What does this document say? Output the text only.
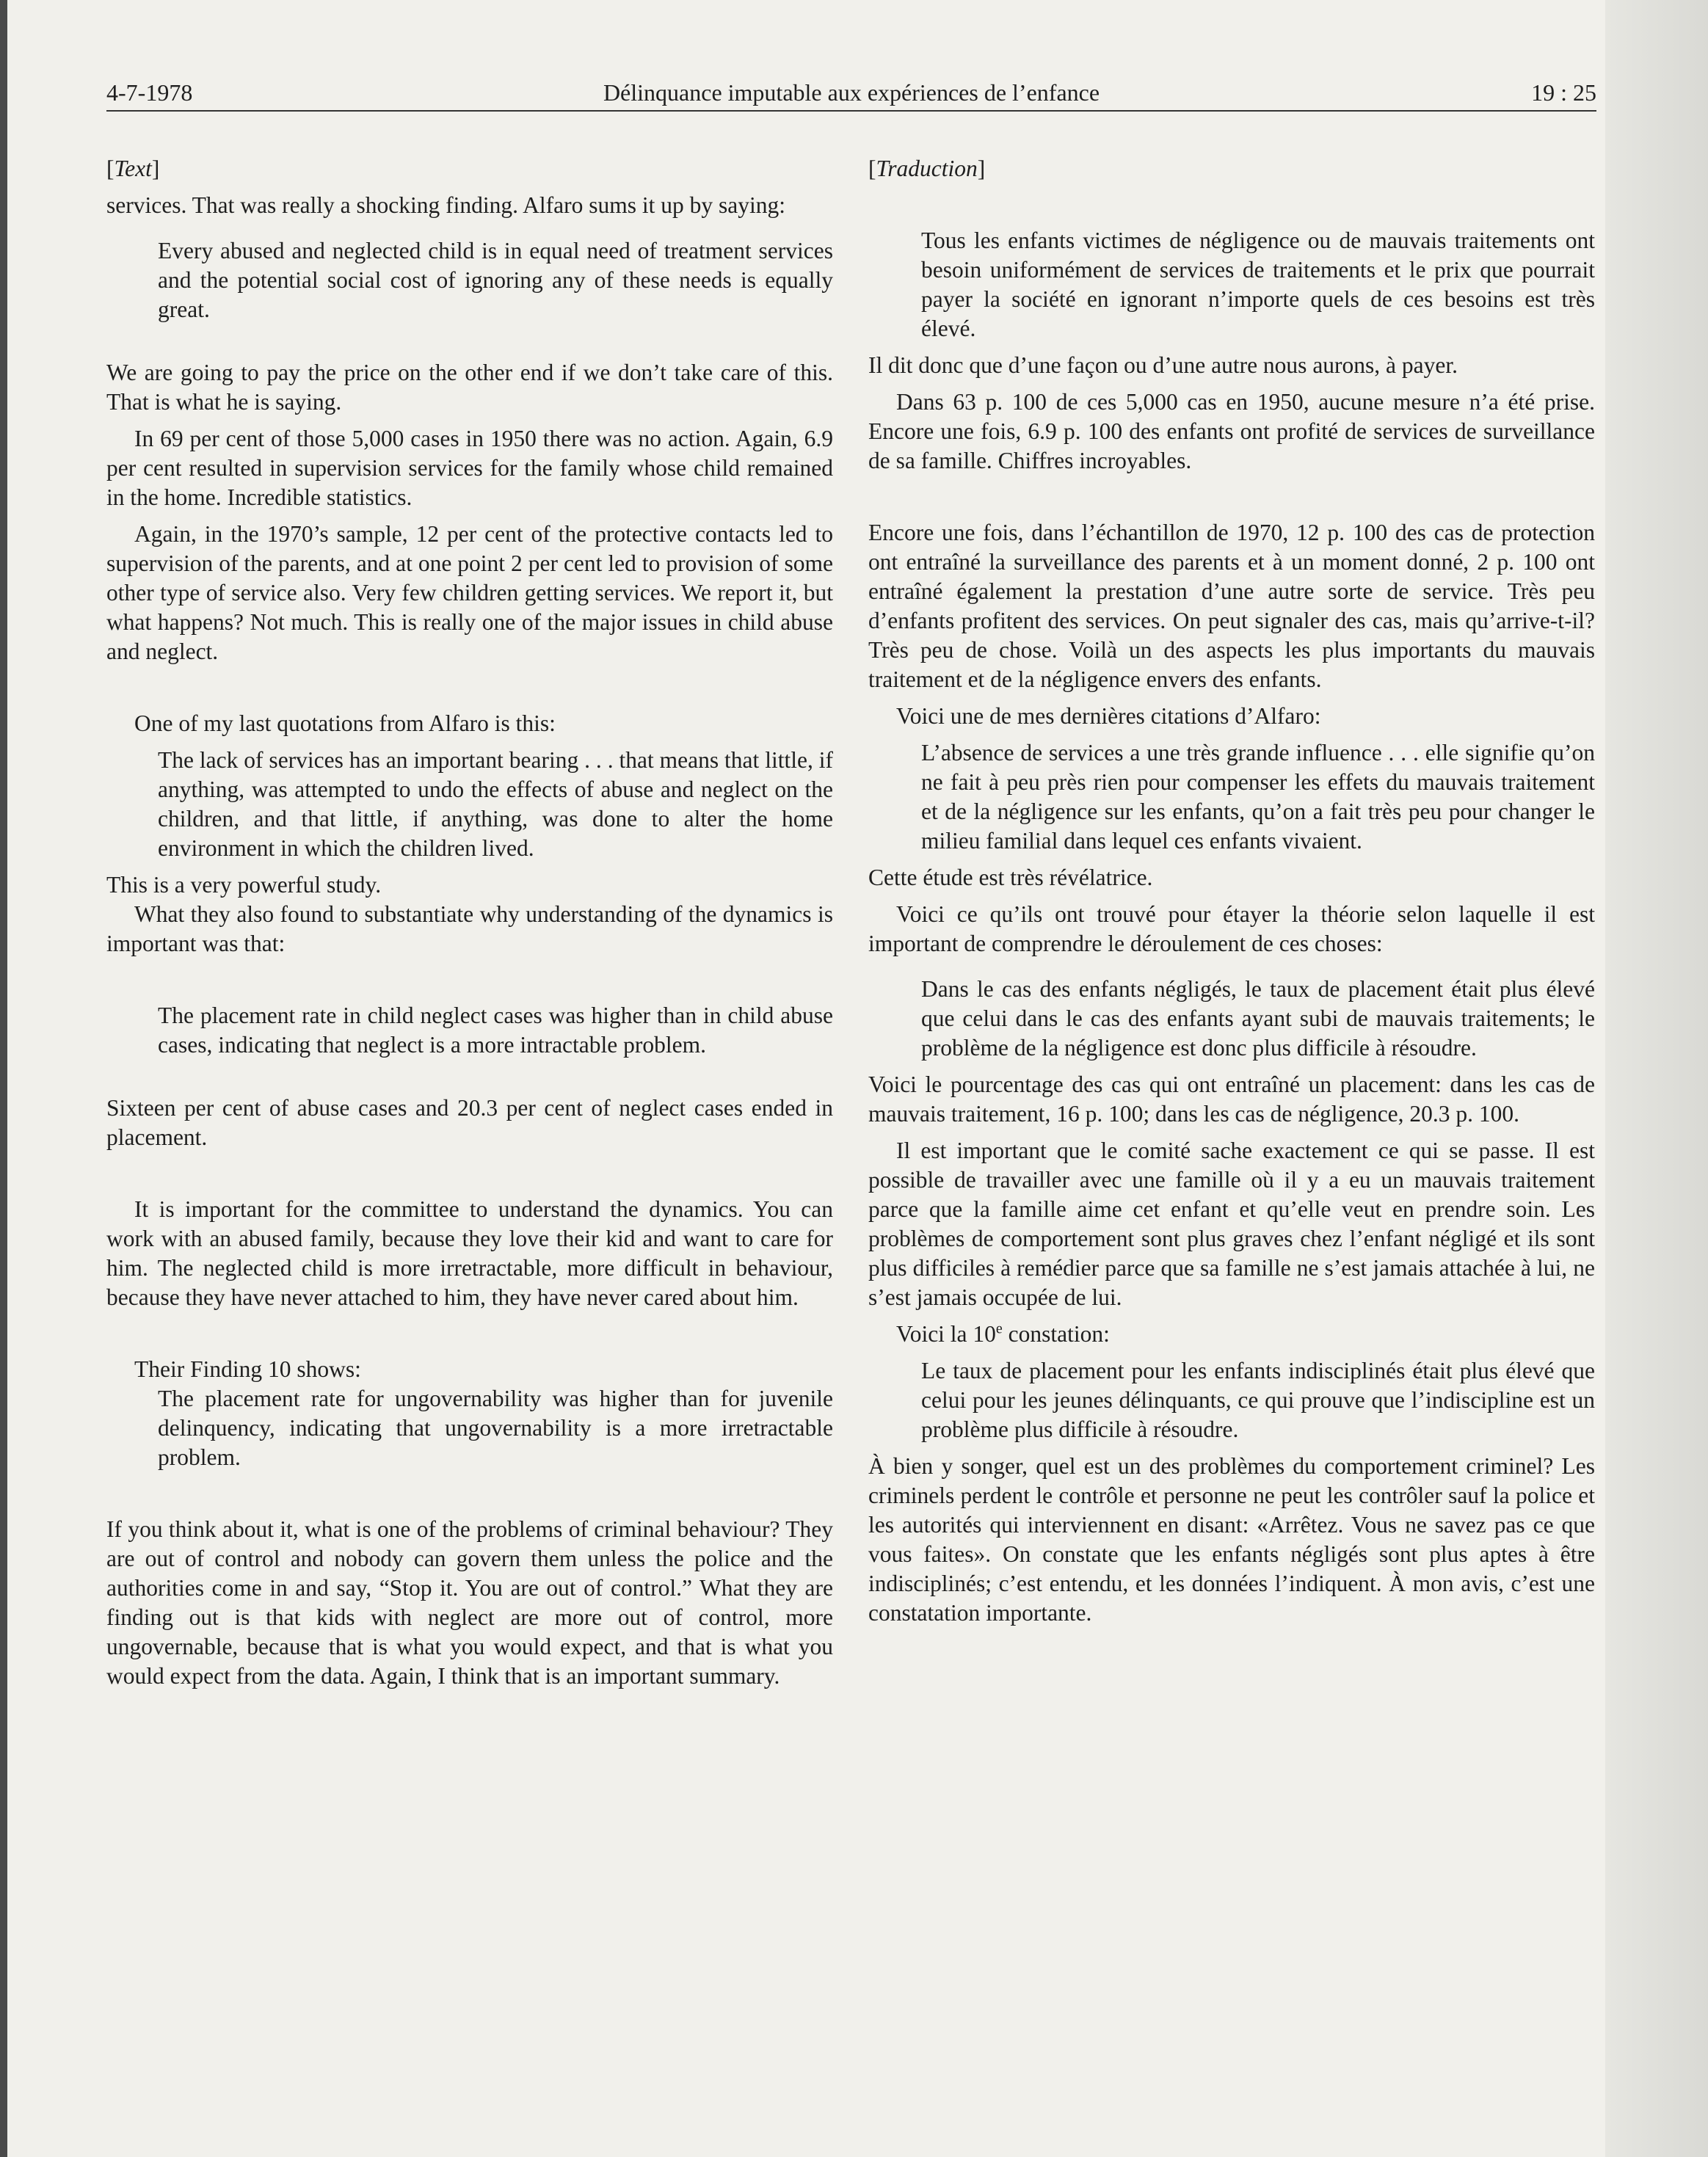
4-7-1978	Délinquance imputable aux expériences de l’enfance	19 : 25

[Text]

services. That was really a shocking finding. Alfaro sums it up by saying:

Every abused and neglected child is in equal need of treatment services and the potential social cost of ignoring any of these needs is equally great.

We are going to pay the price on the other end if we don’t take care of this. That is what he is saying.

In 69 per cent of those 5,000 cases in 1950 there was no action. Again, 6.9 per cent resulted in supervision services for the family whose child remained in the home. Incredible statistics.

Again, in the 1970’s sample, 12 per cent of the protective contacts led to supervision of the parents, and at one point 2 per cent led to provision of some other type of service also. Very few children getting services. We report it, but what happens? Not much. This is really one of the major issues in child abuse and neglect.

One of my last quotations from Alfaro is this:

The lack of services has an important bearing . . . that means that little, if anything, was attempted to undo the effects of abuse and neglect on the children, and that little, if anything, was done to alter the home environment in which the children lived.

This is a very powerful study.

What they also found to substantiate why understanding of the dynamics is important was that:

The placement rate in child neglect cases was higher than in child abuse cases, indicating that neglect is a more intractable problem.

Sixteen per cent of abuse cases and 20.3 per cent of neglect cases ended in placement.

It is important for the committee to understand the dynamics. You can work with an abused family, because they love their kid and want to care for him. The neglected child is more irretractable, more difficult in behaviour, because they have never attached to him, they have never cared about him.

Their Finding 10 shows:

The placement rate for ungovernability was higher than for juvenile delinquency, indicating that ungovernability is a more irretractable problem.

If you think about it, what is one of the problems of criminal behaviour? They are out of control and nobody can govern them unless the police and the authorities come in and say, “Stop it. You are out of control.” What they are finding out is that kids with neglect are more out of control, more ungovernable, because that is what you would expect, and that is what you would expect from the data. Again, I think that is an important summary.

[Traduction]

Tous les enfants victimes de négligence ou de mauvais traitements ont besoin uniformément de services de traitements et le prix que pourrait payer la société en ignorant n’importe quels de ces besoins est très élevé.

Il dit donc que d’une façon ou d’une autre nous aurons, à payer.

Dans 63 p. 100 de ces 5,000 cas en 1950, aucune mesure n’a été prise. Encore une fois, 6.9 p. 100 des enfants ont profité de services de surveillance de sa famille. Chiffres incroyables.

Encore une fois, dans l’échantillon de 1970, 12 p. 100 des cas de protection ont entraîné la surveillance des parents et à un moment donné, 2 p. 100 ont entraîné également la prestation d’une autre sorte de service. Très peu d’enfants profitent des services. On peut signaler des cas, mais qu’arrive-t-il? Très peu de chose. Voilà un des aspects les plus importants du mauvais traitement et de la négligence envers des enfants.

Voici une de mes dernières citations d’Alfaro:

L’absence de services a une très grande influence . . . elle signifie qu’on ne fait à peu près rien pour compenser les effets du mauvais traitement et de la négligence sur les enfants, qu’on a fait très peu pour changer le milieu familial dans lequel ces enfants vivaient.

Cette étude est très révélatrice.

Voici ce qu’ils ont trouvé pour étayer la théorie selon laquelle il est important de comprendre le déroulement de ces choses:

Dans le cas des enfants négligés, le taux de placement était plus élevé que celui dans le cas des enfants ayant subi de mauvais traitements; le problème de la négligence est donc plus difficile à résoudre.

Voici le pourcentage des cas qui ont entraîné un placement: dans les cas de mauvais traitement, 16 p. 100; dans les cas de négligence, 20.3 p. 100.

Il est important que le comité sache exactement ce qui se passe. Il est possible de travailler avec une famille où il y a eu un mauvais traitement parce que la famille aime cet enfant et qu’elle veut en prendre soin. Les problèmes de comportement sont plus graves chez l’enfant négligé et ils sont plus difficiles à remédier parce que sa famille ne s’est jamais attachée à lui, ne s’est jamais occupée de lui.

Voici la 10e constation:

Le taux de placement pour les enfants indisciplinés était plus élevé que celui pour les jeunes délinquants, ce qui prouve que l’indiscipline est un problème plus difficile à résoudre.

À bien y songer, quel est un des problèmes du comportement criminel? Les criminels perdent le contrôle et personne ne peut les contrôler sauf la police et les autorités qui interviennent en disant: «Arrêtez. Vous ne savez pas ce que vous faites». On constate que les enfants négligés sont plus aptes à être indisciplinés; c’est entendu, et les données l’indiquent. À mon avis, c’est une constatation importante.
